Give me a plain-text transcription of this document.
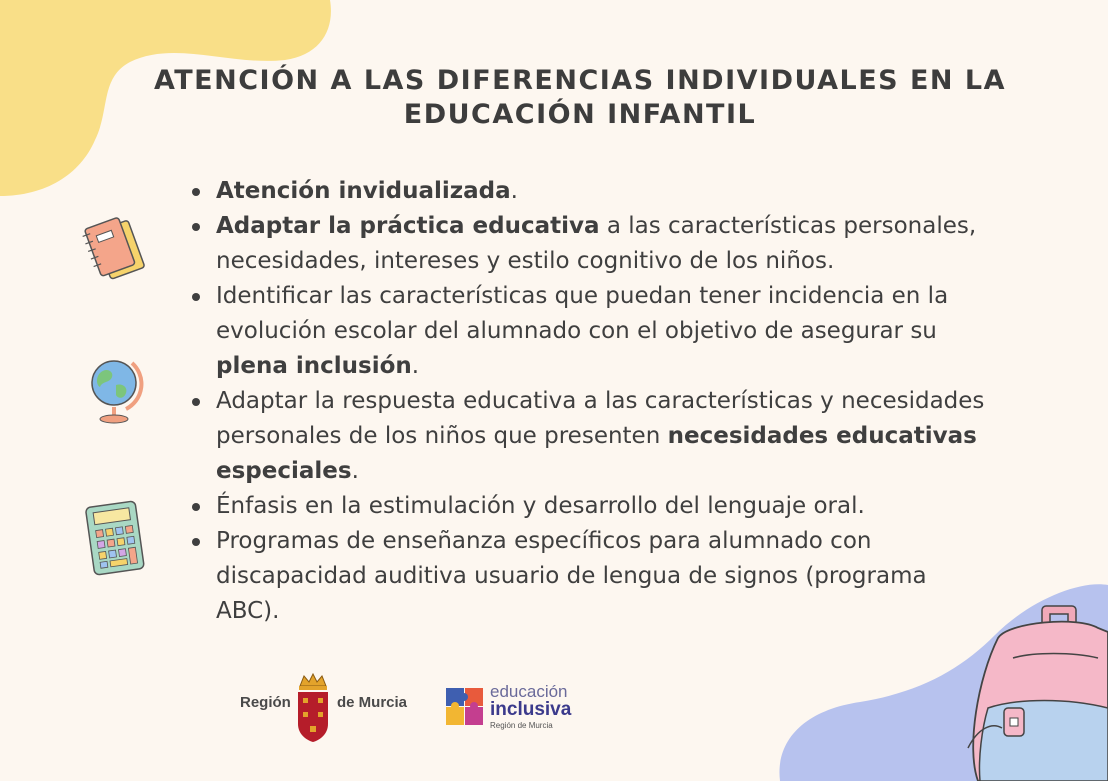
ATENCIÓN A LAS DIFERENCIAS INDIVIDUALES EN LA
EDUCACIÓN INFANTIL
Atención invidualizada.
Adaptar la práctica educativa a las características personales,
necesidades, intereses y estilo cognitivo de los niños.
Identificar las características que puedan tener incidencia en la
evolución escolar del alumnado con el objetivo de asegurar su
plena inclusión.
Adaptar la respuesta educativa a las características y necesidades
personales de los niños que presenten necesidades educativas
especiales.
Énfasis en la estimulación y desarrollo del lenguaje oral.
Programas de enseñanza específicos para alumnado con
discapacidad auditiva usuario de lengua de signos (programa
ABC).
Región	de Murcia
educación
inclusiva
Región de Murcia
